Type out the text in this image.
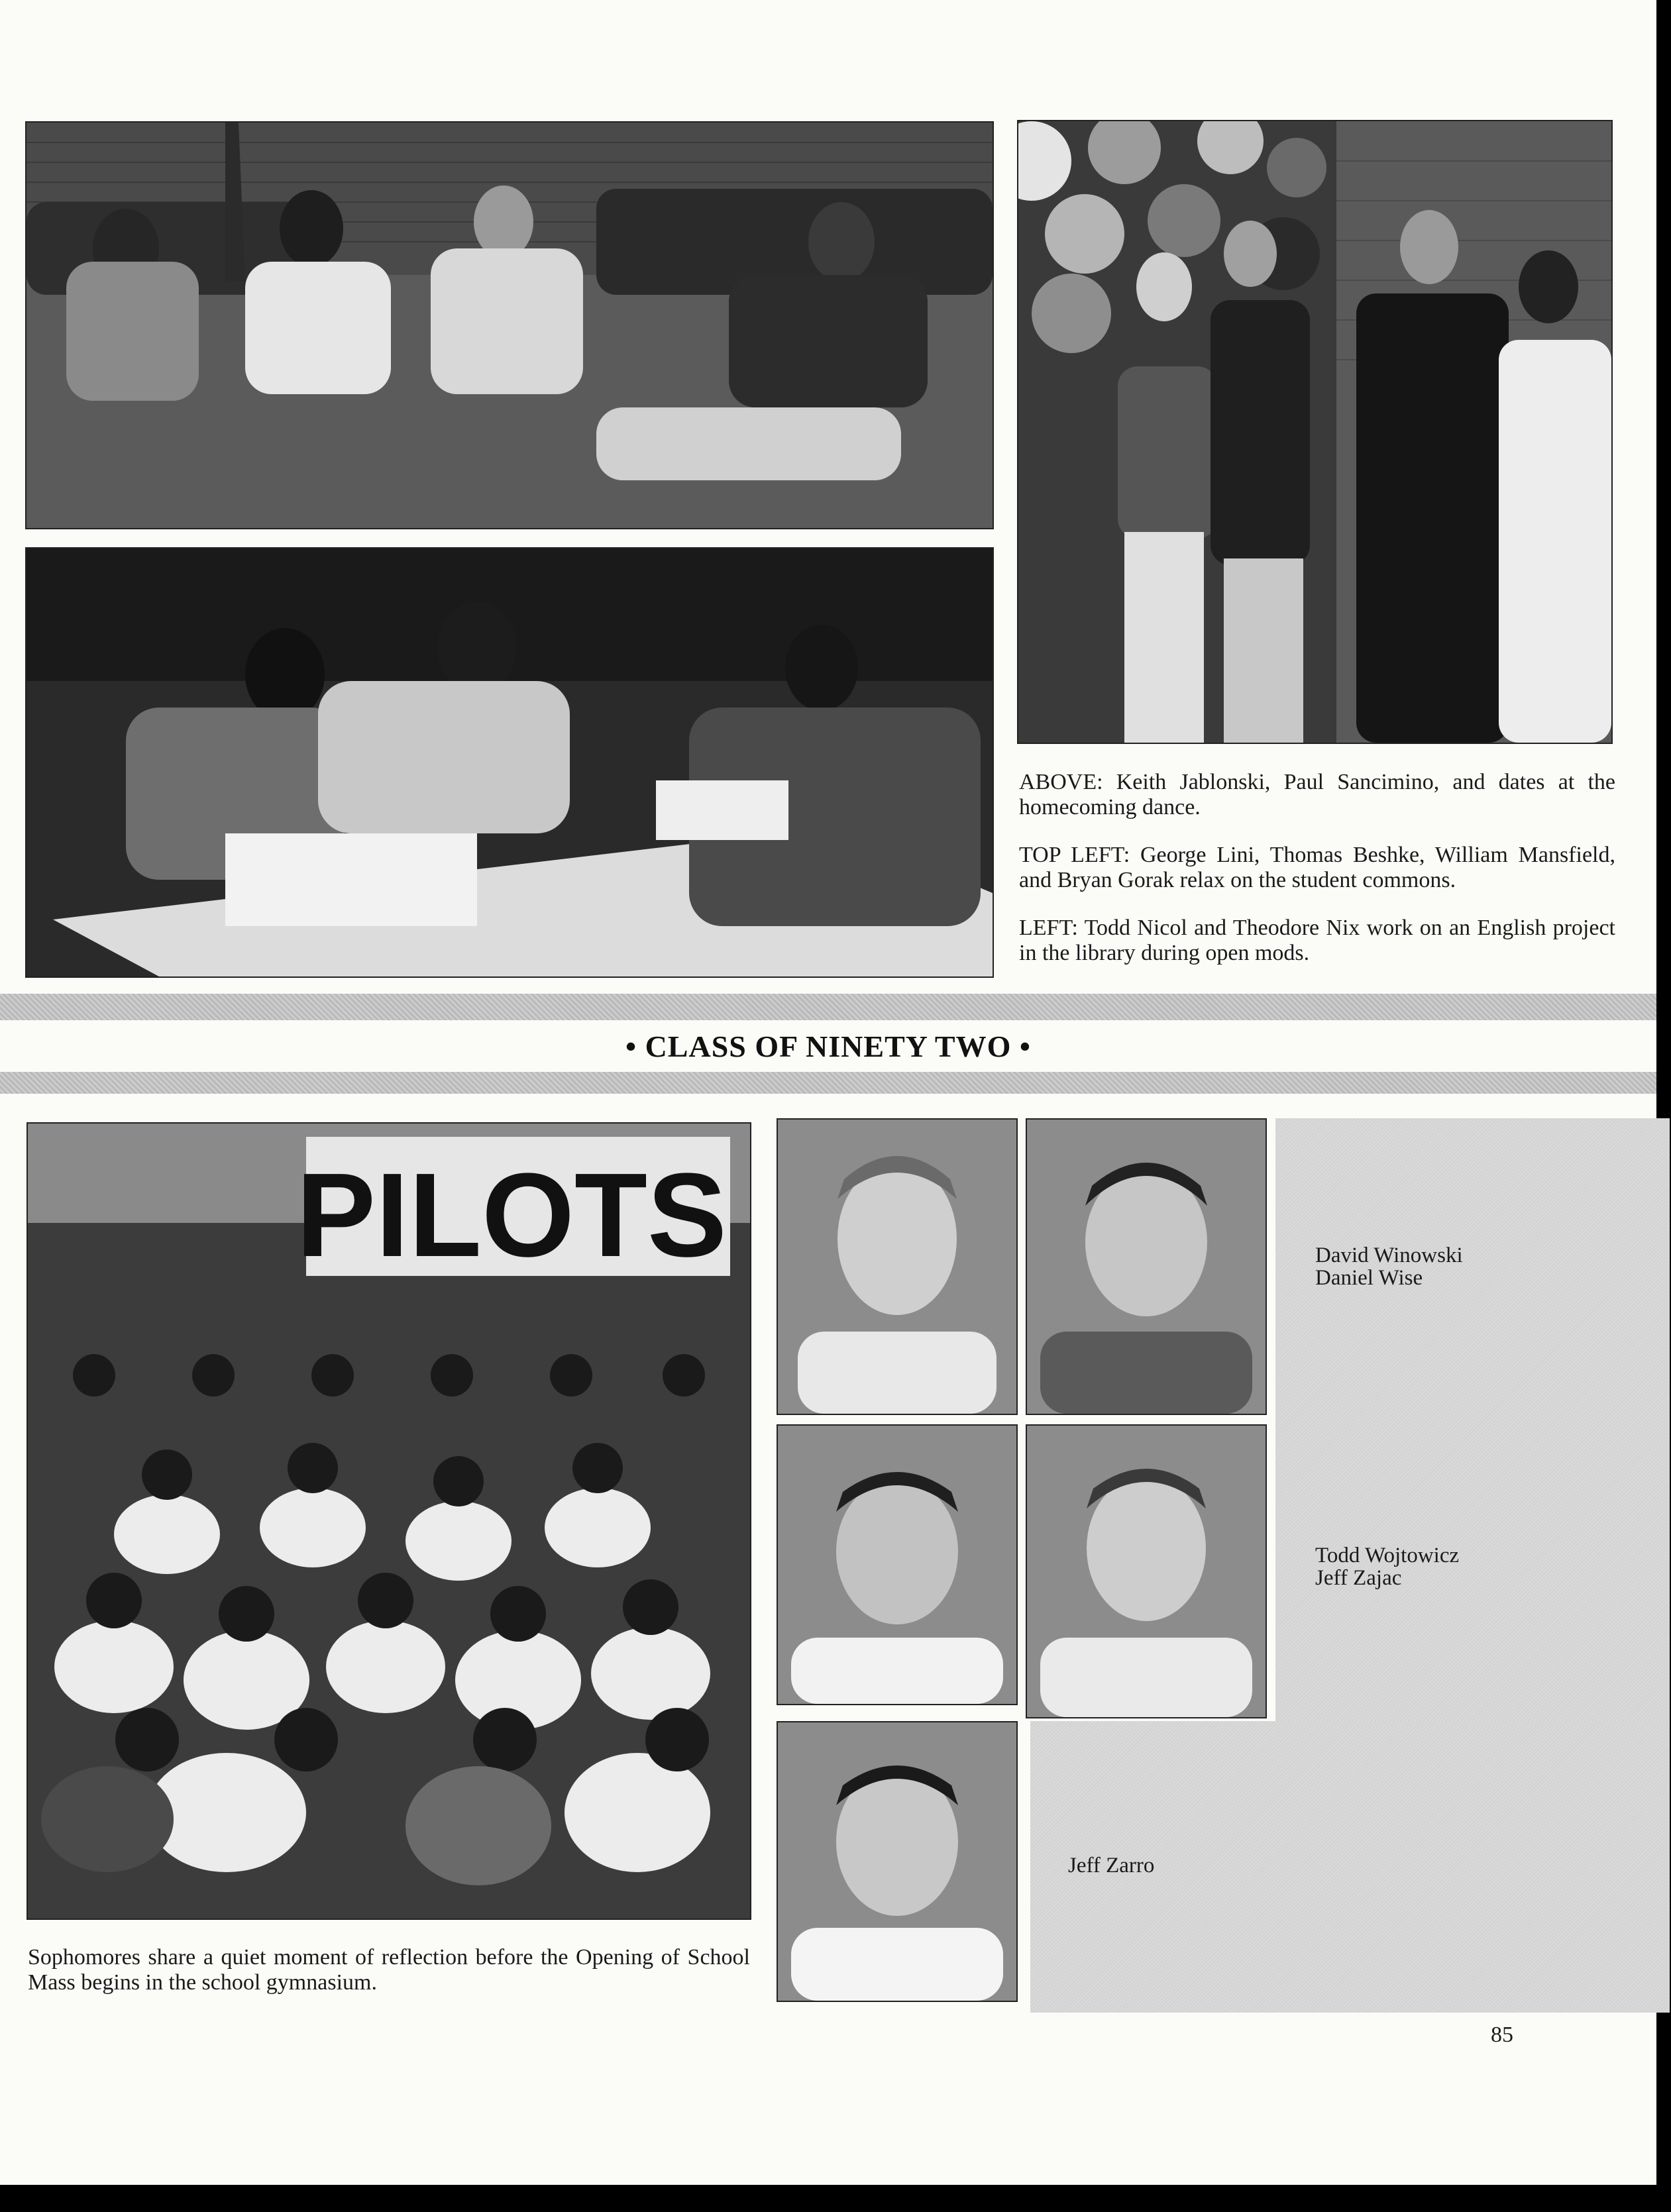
ABOVE: Keith Jablonski, Paul Sancimino, and dates at the homecoming dance.

TOP LEFT: George Lini, Thomas Beshke, William Mansfield, and Bryan Gorak relax on the student commons.

LEFT: Todd Nicol and Theodore Nix work on an English project in the library during open mods.

• CLASS OF NINETY TWO •
PILOTS

Sophomores share a quiet moment of reflection before the Opening of School Mass begins in the school gymnasium.

David Winowski
Daniel Wise
Todd Wojtowicz
Jeff Zajac
Jeff Zarro
85
